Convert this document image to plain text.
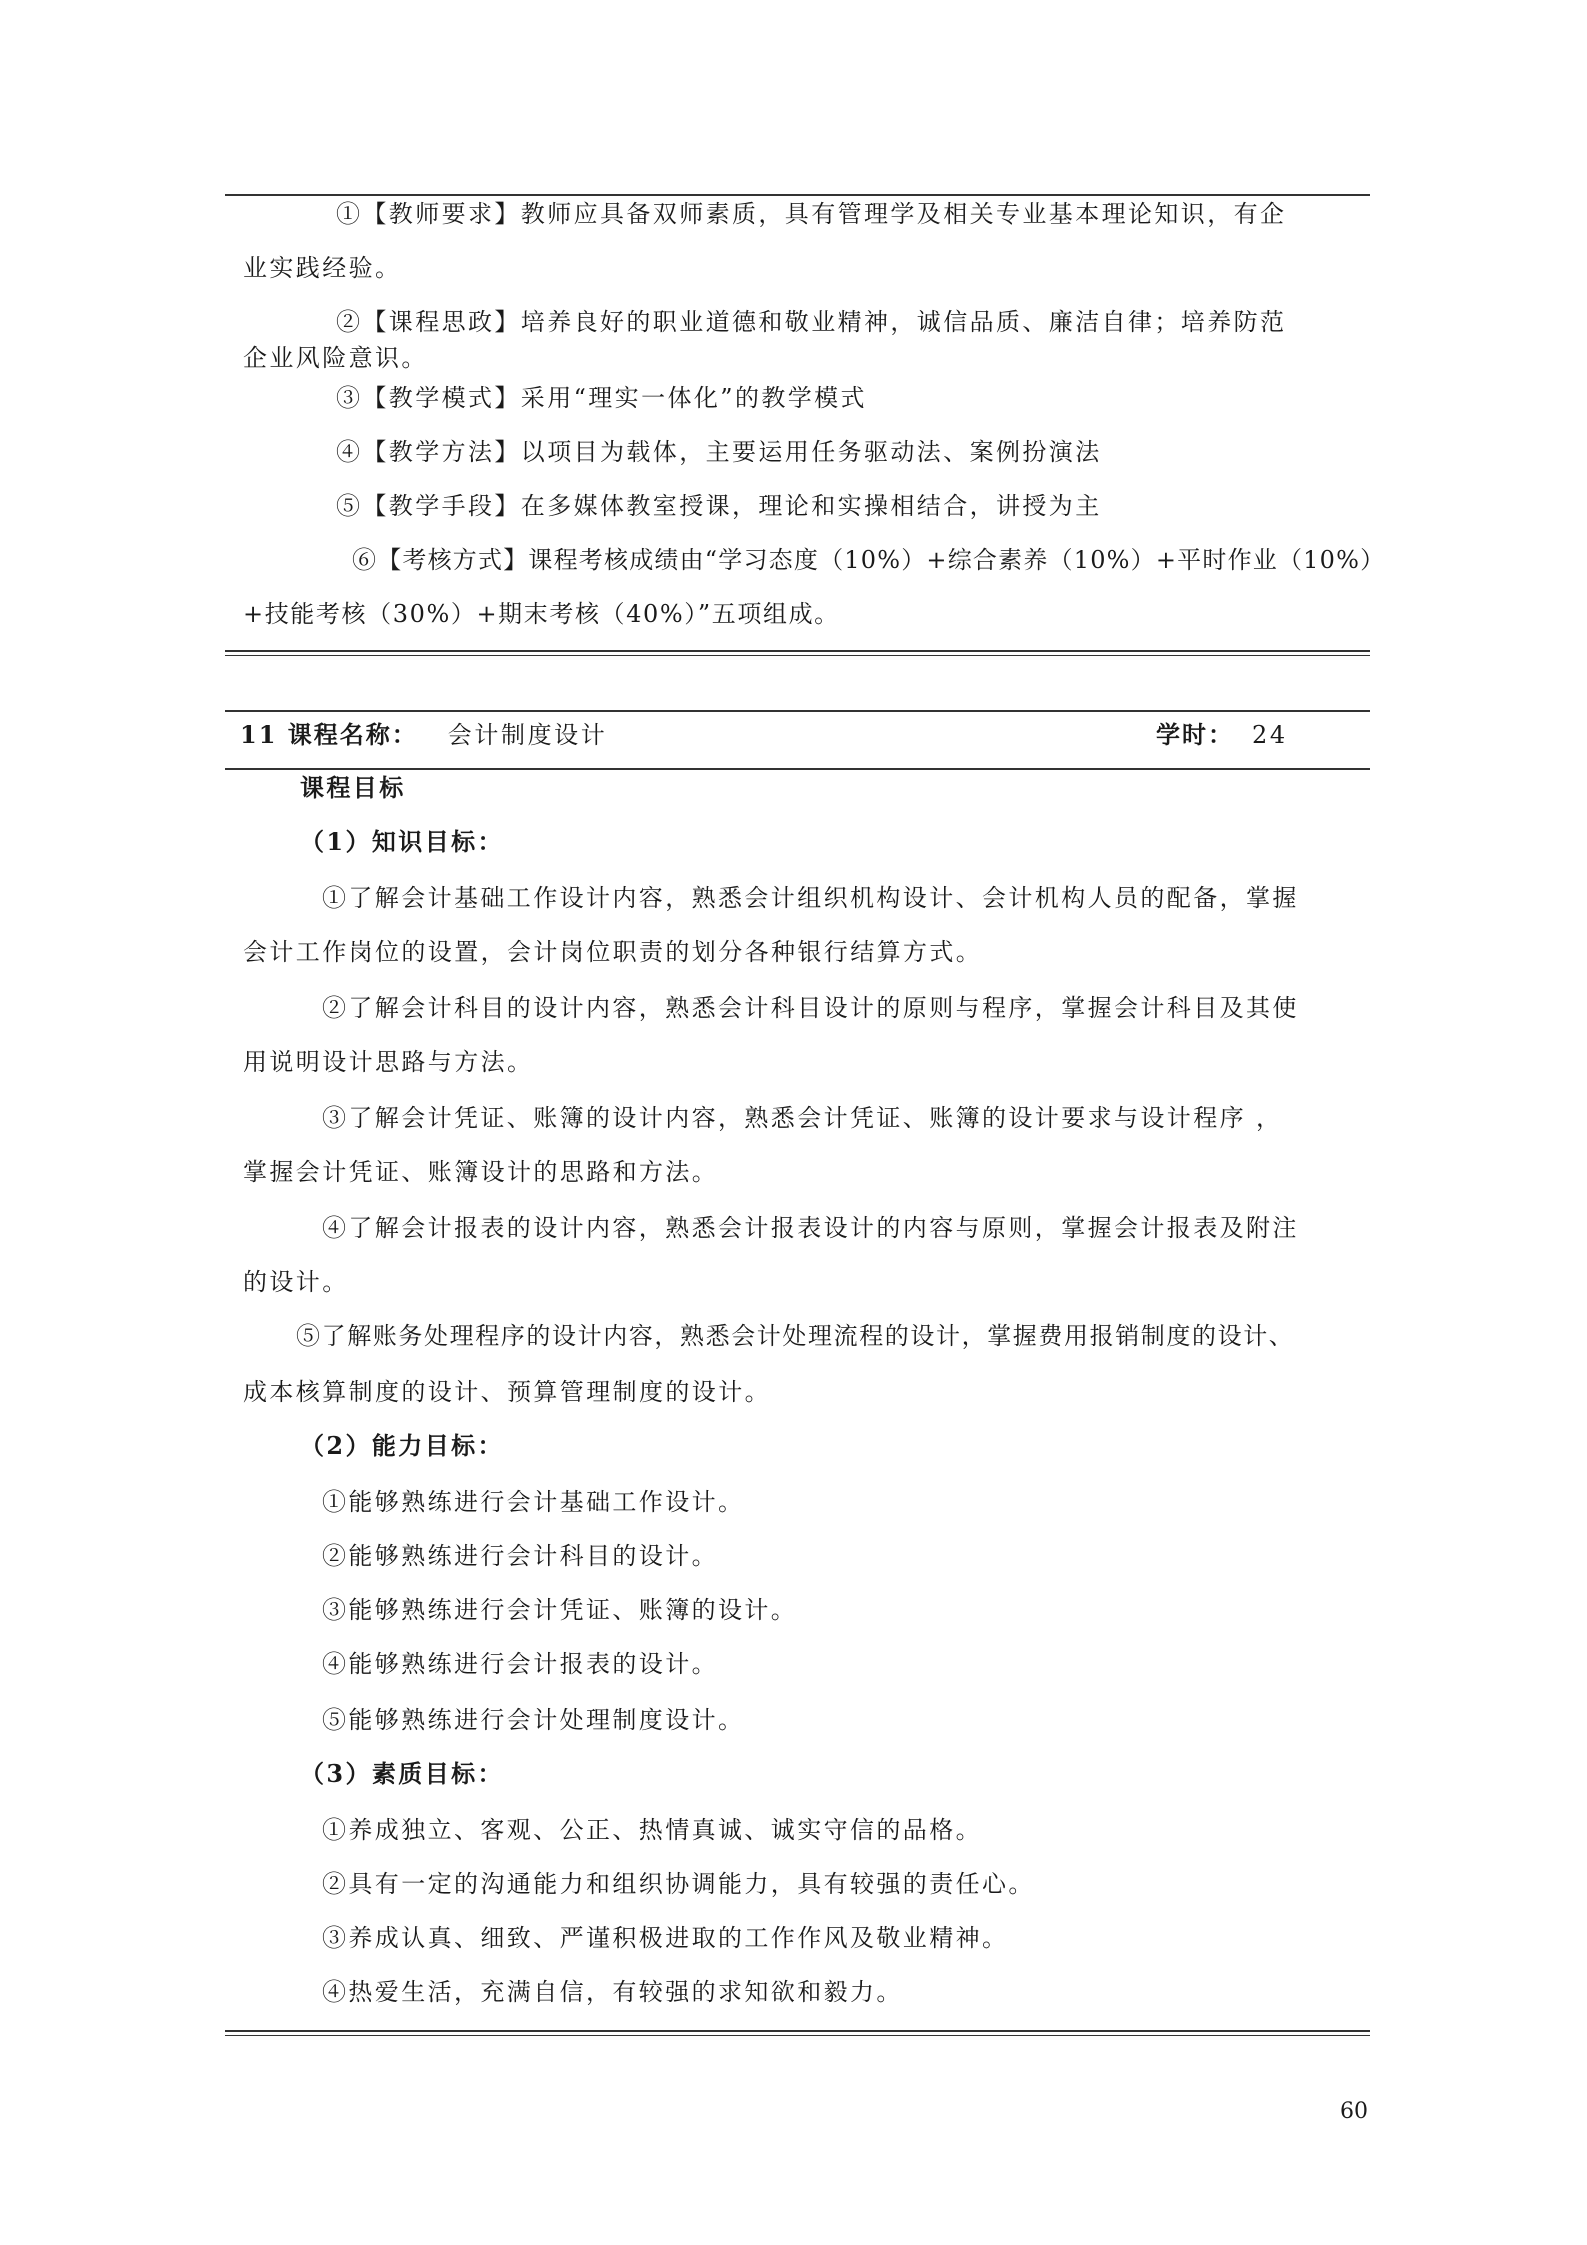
①【教师要求】教师应具备双师素质，具有管理学及相关专业基本理论知识，有企
业实践经验。
②【课程思政】培养良好的职业道德和敬业精神，诚信品质、廉洁自律；培养防范
企业风险意识。
③【教学模式】采用“理实一体化”的教学模式
④【教学方法】以项目为载体，主要运用任务驱动法、案例扮演法
⑤【教学手段】在多媒体教室授课，理论和实操相结合，讲授为主
⑥【考核方式】课程考核成绩由“学习态度（10%）+综合素养（10%）+平时作业（10%）
+技能考核（30%）+期末考核（40%）”五项组成。
11 课程名称： 会计制度设计	学时： 24
课程目标
（1）知识目标：
①了解会计基础工作设计内容，熟悉会计组织机构设计、会计机构人员的配备，掌握
会计工作岗位的设置，会计岗位职责的划分各种银行结算方式。
②了解会计科目的设计内容，熟悉会计科目设计的原则与程序，掌握会计科目及其使
用说明设计思路与方法。
③了解会计凭证、账簿的设计内容，熟悉会计凭证、账簿的设计要求与设计程序 ，
掌握会计凭证、账簿设计的思路和方法。
④了解会计报表的设计内容，熟悉会计报表设计的内容与原则，掌握会计报表及附注
的设计。
⑤了解账务处理程序的设计内容，熟悉会计处理流程的设计，掌握费用报销制度的设计、
成本核算制度的设计、预算管理制度的设计。
（2）能力目标：
①能够熟练进行会计基础工作设计。
②能够熟练进行会计科目的设计。
③能够熟练进行会计凭证、账簿的设计。
④能够熟练进行会计报表的设计。
⑤能够熟练进行会计处理制度设计。
（3）素质目标：
①养成独立、客观、公正、热情真诚、诚实守信的品格。
②具有一定的沟通能力和组织协调能力，具有较强的责任心。
③养成认真、细致、严谨积极进取的工作作风及敬业精神。
④热爱生活，充满自信，有较强的求知欲和毅力。
60
